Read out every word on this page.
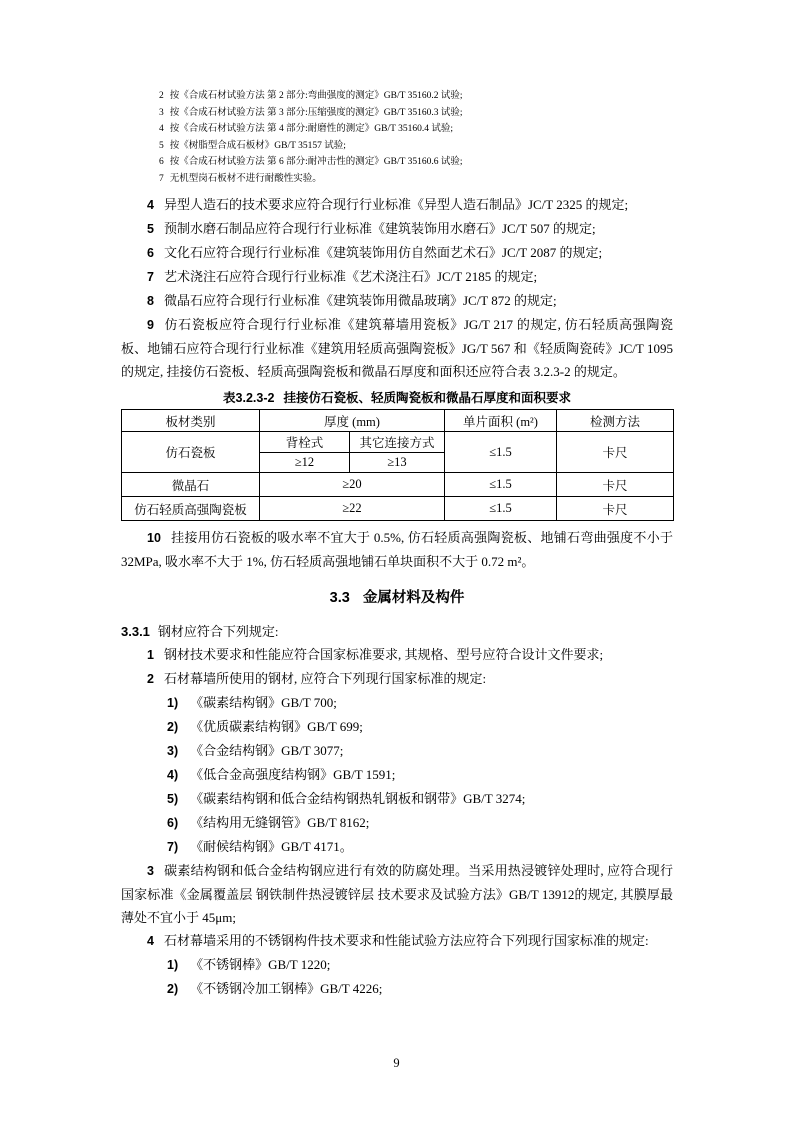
2 按《合成石材试验方法 第 2 部分:弯曲强度的测定》GB/T 35160.2 试验;
3 按《合成石材试验方法 第 3 部分:压缩强度的测定》GB/T 35160.3 试验;
4 按《合成石材试验方法 第 4 部分:耐磨性的测定》GB/T 35160.4 试验;
5 按《树脂型合成石板材》GB/T 35157 试验;
6 按《合成石材试验方法 第 6 部分:耐冲击性的测定》GB/T 35160.6 试验;
7 无机型岗石板材不进行耐酸性实验。

4 异型人造石的技术要求应符合现行行业标准《异型人造石制品》JC/T 2325 的规定;

5 预制水磨石制品应符合现行行业标准《建筑装饰用水磨石》JC/T 507 的规定;

6 文化石应符合现行行业标准《建筑装饰用仿自然面艺术石》JC/T 2087 的规定;

7 艺术浇注石应符合现行行业标准《艺术浇注石》JC/T 2185 的规定;

8 微晶石应符合现行行业标准《建筑装饰用微晶玻璃》JC/T 872 的规定;

9 仿石瓷板应符合现行行业标准《建筑幕墙用瓷板》JG/T 217 的规定, 仿石轻质高强陶瓷板、地铺石应符合现行行业标准《建筑用轻质高强陶瓷板》JG/T 567 和《轻质陶瓷砖》JC/T 1095 的规定, 挂接仿石瓷板、轻质高强陶瓷板和微晶石厚度和面积还应符合表 3.2.3-2 的规定。

表3.2.3-2 挂接仿石瓷板、轻质陶瓷板和微晶石厚度和面积要求
板材类别	厚度 (mm)		单片面积 (m²)	检测方法
仿石瓷板	背栓式	其它连接方式	≤1.5	卡尺
	≥12	≥13		
微晶石	≥20		≤1.5	卡尺
仿石轻质高强陶瓷板	≥22		≤1.5	卡尺

10 挂接用仿石瓷板的吸水率不宜大于 0.5%, 仿石轻质高强陶瓷板、地铺石弯曲强度不小于 32MPa, 吸水率不大于 1%, 仿石轻质高强地铺石单块面积不大于 0.72 m²。

3.3 金属材料及构件

3.3.1 钢材应符合下列规定:

1 钢材技术要求和性能应符合国家标准要求, 其规格、型号应符合设计文件要求;

2 石材幕墙所使用的钢材, 应符合下列现行国家标准的规定:

1) 《碳素结构钢》GB/T 700;

2) 《优质碳素结构钢》GB/T 699;

3) 《合金结构钢》GB/T 3077;

4) 《低合金高强度结构钢》GB/T 1591;

5) 《碳素结构钢和低合金结构钢热轧钢板和钢带》GB/T 3274;

6) 《结构用无缝钢管》GB/T 8162;

7) 《耐候结构钢》GB/T 4171。

3 碳素结构钢和低合金结构钢应进行有效的防腐处理。当采用热浸镀锌处理时, 应符合现行国家标准《金属覆盖层 钢铁制件热浸镀锌层 技术要求及试验方法》GB/T 13912的规定, 其膜厚最薄处不宜小于 45μm;

4 石材幕墙采用的不锈钢构件技术要求和性能试验方法应符合下列现行国家标准的规定:

1) 《不锈钢棒》GB/T 1220;

2) 《不锈钢冷加工钢棒》GB/T 4226;

9
